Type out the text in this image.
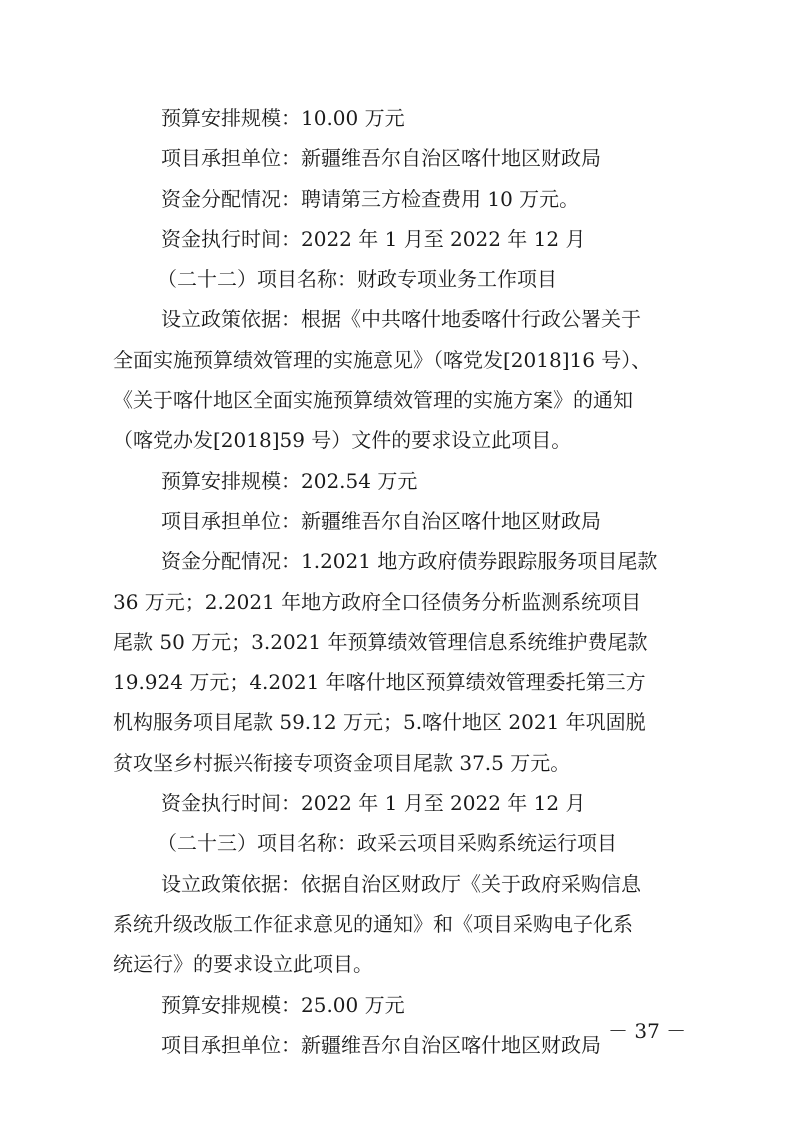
预算安排规模：10.00 万元
项目承担单位：新疆维吾尔自治区喀什地区财政局
资金分配情况：聘请第三方检查费用 10 万元。
资金执行时间：2022 年 1 月至 2022 年 12 月
（二十二）项目名称：财政专项业务工作项目
设立政策依据：根据《中共喀什地委喀什行政公署关于
全面实施预算绩效管理的实施意见》（喀党发[2018]16 号）、
《关于喀什地区全面实施预算绩效管理的实施方案》的通知
（喀党办发[2018]59 号）文件的要求设立此项目。
预算安排规模：202.54 万元
项目承担单位：新疆维吾尔自治区喀什地区财政局
资金分配情况：1.2021 地方政府债券跟踪服务项目尾款
36 万元；2.2021 年地方政府全口径债务分析监测系统项目
尾款 50 万元；3.2021 年预算绩效管理信息系统维护费尾款
19.924 万元；4.2021 年喀什地区预算绩效管理委托第三方
机构服务项目尾款 59.12 万元；5.喀什地区 2021 年巩固脱
贫攻坚乡村振兴衔接专项资金项目尾款 37.5 万元。
资金执行时间：2022 年 1 月至 2022 年 12 月
（二十三）项目名称：政采云项目采购系统运行项目
设立政策依据：依据自治区财政厅《关于政府采购信息
系统升级改版工作征求意见的通知》和《项目采购电子化系
统运行》的要求设立此项目。
预算安排规模：25.00 万元
项目承担单位：新疆维吾尔自治区喀什地区财政局
－ 37 －
